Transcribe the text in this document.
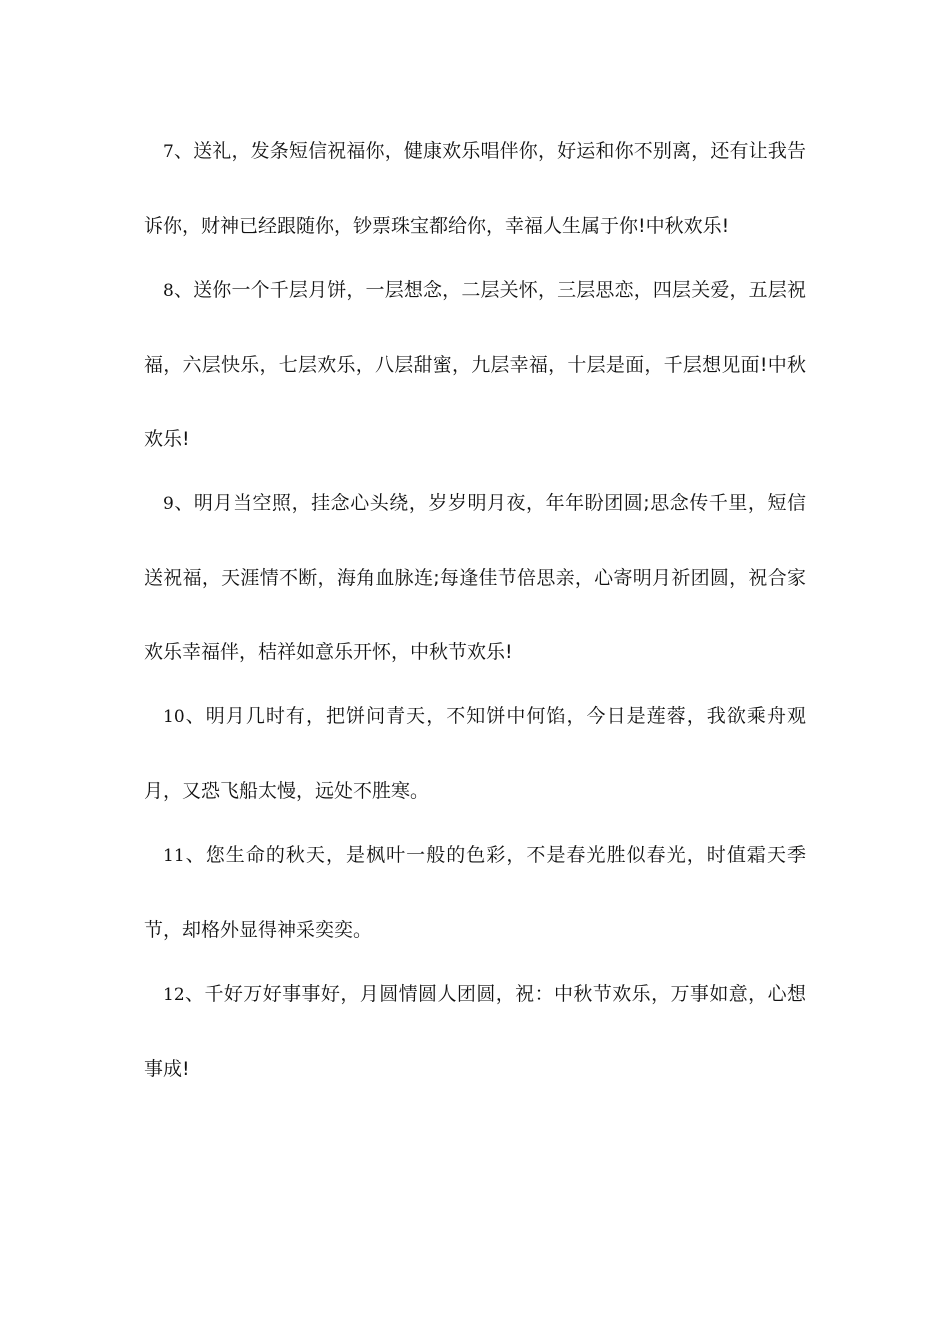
7、送礼，发条短信祝福你，健康欢乐唱伴你，好运和你不别离，还有让我告诉你，财神已经跟随你，钞票珠宝都给你，幸福人生属于你!中秋欢乐!

8、送你一个千层月饼，一层想念，二层关怀，三层思恋，四层关爱，五层祝福，六层快乐，七层欢乐，八层甜蜜，九层幸福，十层是面，千层想见面!中秋欢乐!

9、明月当空照，挂念心头绕，岁岁明月夜，年年盼团圆;思念传千里，短信送祝福，天涯情不断，海角血脉连;每逢佳节倍思亲，心寄明月祈团圆，祝合家欢乐幸福伴，桔祥如意乐开怀，中秋节欢乐!

10、明月几时有，把饼问青天，不知饼中何馅，今日是莲蓉，我欲乘舟观月，又恐飞船太慢，远处不胜寒。

11、您生命的秋天，是枫叶一般的色彩，不是春光胜似春光，时值霜天季节，却格外显得神采奕奕。

12、千好万好事事好，月圆情圆人团圆，祝：中秋节欢乐，万事如意，心想事成!
